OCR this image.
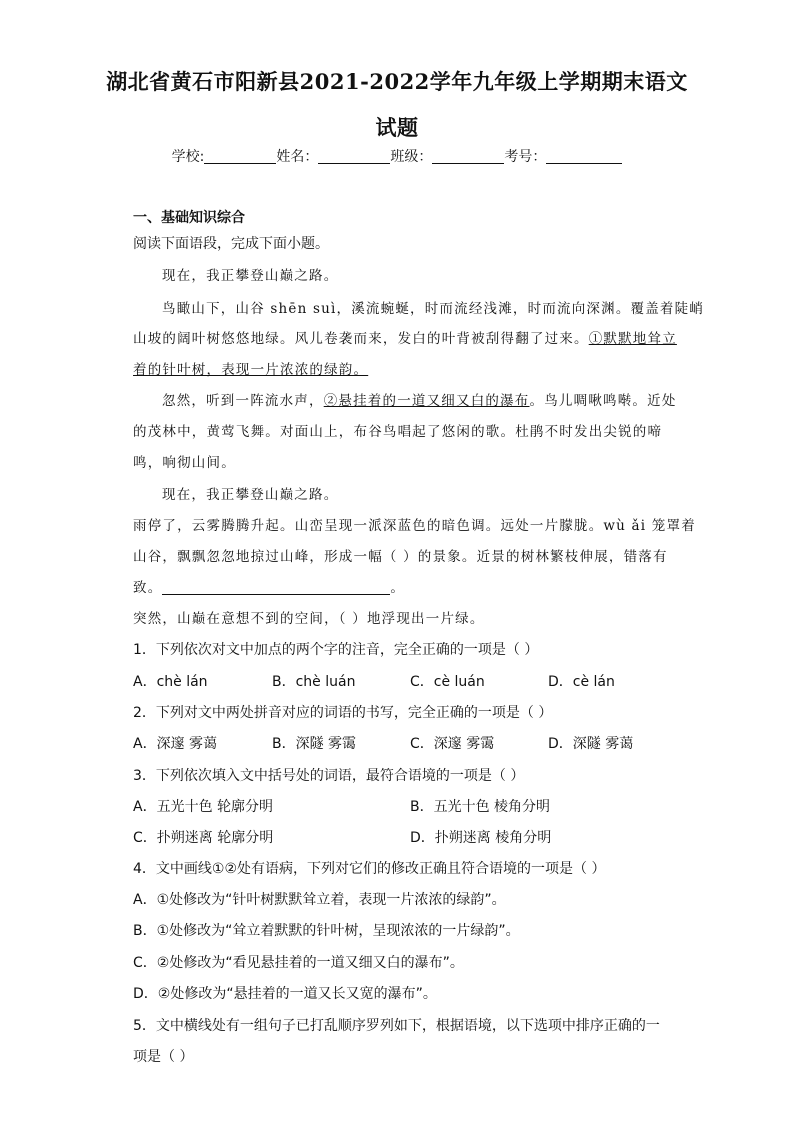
湖北省黄石市阳新县2021-2022学年九年级上学期期末语文
试题
学校:	姓名：	班级：	考号：
一、基础知识综合
阅读下面语段，完成下面小题。
现在，我正攀登山巅之路。
鸟瞰山下，山谷 shēn suì，溪流蜿蜒，时而流经浅滩，时而流向深渊。覆盖着陡峭
山坡的阔叶树悠悠地绿。风儿卷袭而来，发白的叶背被刮得翻了过来。①默默地耸立
着的针叶树，表现一片浓浓的绿韵。
忽然，听到一阵流水声，②悬挂着的一道又细又白的瀑布。鸟儿啁啾鸣啭。近处
的茂林中，黄莺飞舞。对面山上，布谷鸟唱起了悠闲的歌。杜鹃不时发出尖锐的啼
鸣，响彻山间。
现在，我正攀登山巅之路。
雨停了，云雾腾腾升起。山峦呈现一派深蓝色的暗色调。远处一片朦胧。wù ǎi 笼罩着
山谷，飘飘忽忽地掠过山峰，形成一幅（ ）的景象。近景的树林繁枝伸展，错落有
致。	。
突然，山巅在意想不到的空间，（ ）地浮现出一片绿。
1．下列依次对文中加点的两个字的注音，完全正确的一项是（ ）
A．chè lán	B．chè luán	C．cè luán	D．cè lán
2．下列对文中两处拼音对应的词语的书写，完全正确的一项是（ ）
A．深邃 雾蔼	B．深隧 雾霭	C．深邃 雾霭	D．深隧 雾蔼
3．下列依次填入文中括号处的词语，最符合语境的一项是（ ）
A．五光十色 轮廓分明	B．五光十色 棱角分明
C．扑朔迷离 轮廓分明	D．扑朔迷离 棱角分明
4．文中画线①②处有语病，下列对它们的修改正确且符合语境的一项是（ ）
A．①处修改为“针叶树默默耸立着，表现一片浓浓的绿韵”。
B．①处修改为“耸立着默默的针叶树，呈现浓浓的一片绿韵”。
C．②处修改为“看见悬挂着的一道又细又白的瀑布”。
D．②处修改为“悬挂着的一道又长又宽的瀑布”。
5．文中横线处有一组句子已打乱顺序罗列如下，根据语境，以下选项中排序正确的一
项是（ ）
